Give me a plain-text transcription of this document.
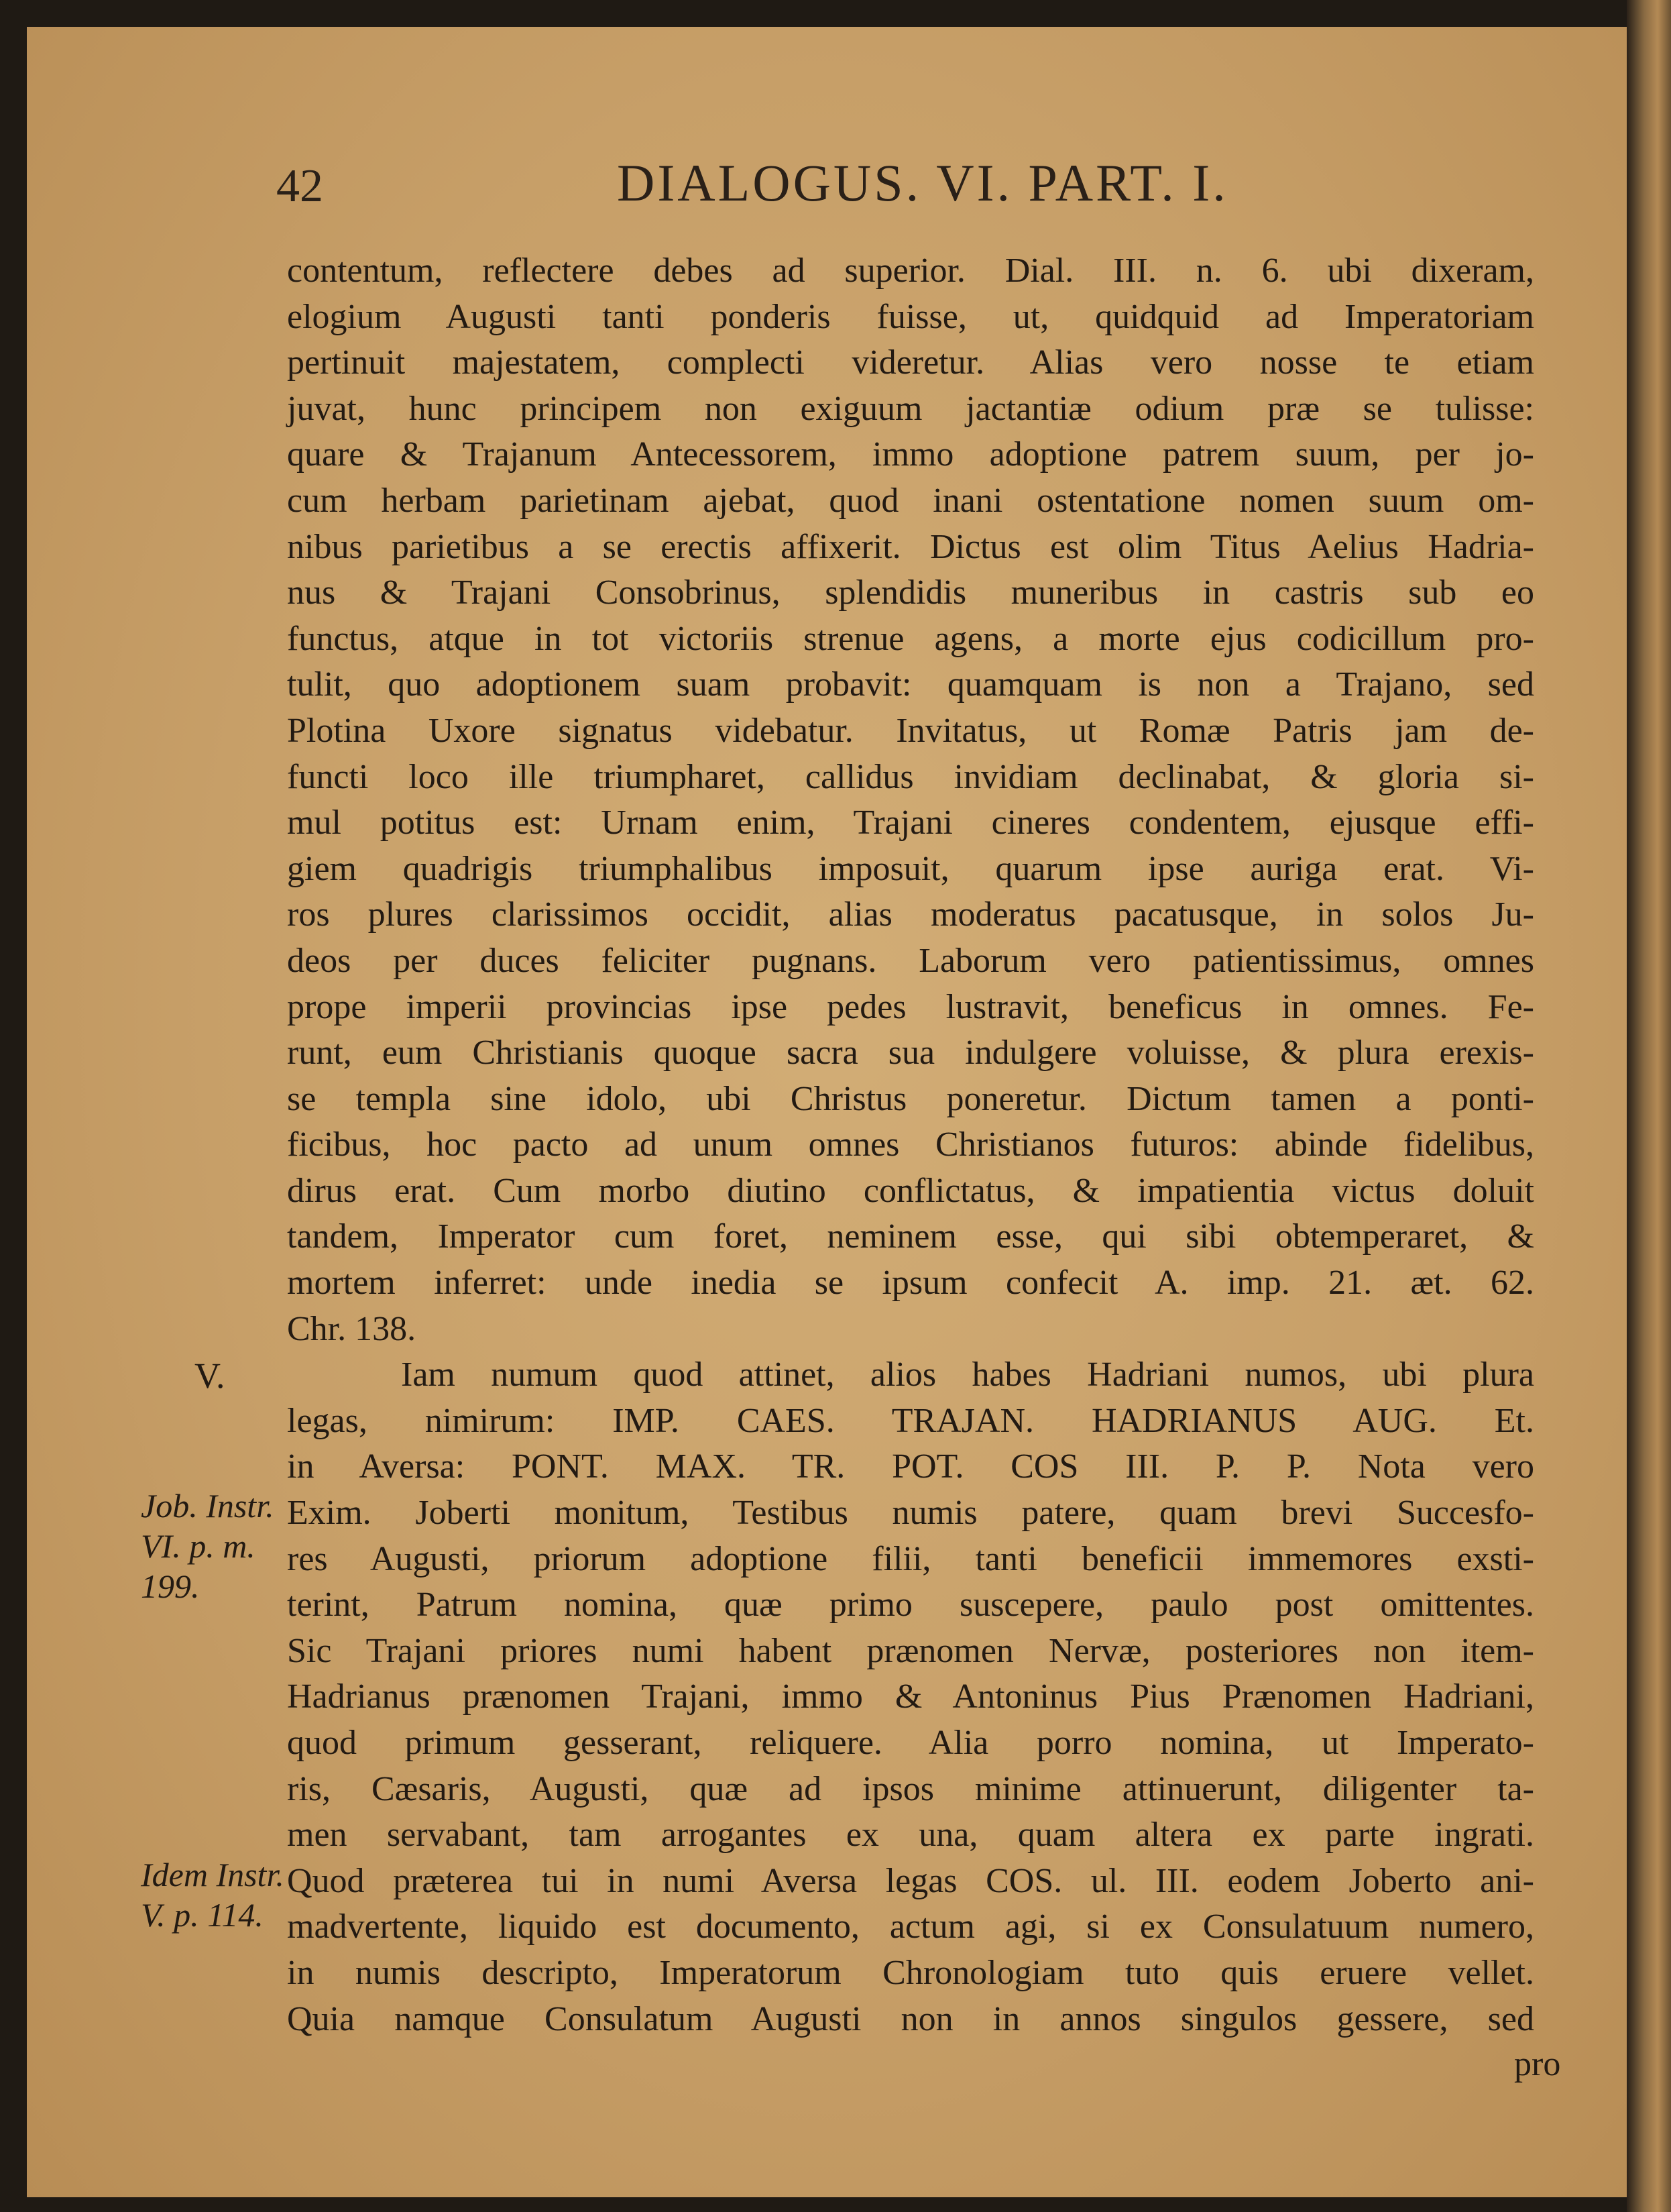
42	DIALOGUS. VI. PART. I.
V.
Job. Instr. VI. p. m. 199.
Idem Instr. V. p. 114.
contentum, reflectere debes ad superior. Dial. III. n. 6. ubi dixeram,
elogium Augusti tanti ponderis fuisse, ut, quidquid ad Imperatoriam
pertinuit majestatem, complecti videretur. Alias vero nosse te etiam
juvat, hunc principem non exiguum jactantiæ odium præ se tulisse:
quare & Trajanum Antecessorem, immo adoptione patrem suum, per jo-
cum herbam parietinam ajebat, quod inani ostentatione nomen suum om-
nibus parietibus a se erectis affixerit. Dictus est olim Titus Aelius Hadria-
nus & Trajani Consobrinus, splendidis muneribus in castris sub eo
functus, atque in tot victoriis strenue agens, a morte ejus codicillum pro-
tulit, quo adoptionem suam probavit: quamquam is non a Trajano, sed
Plotina Uxore signatus videbatur. Invitatus, ut Romæ Patris jam de-
functi loco ille triumpharet, callidus invidiam declinabat, & gloria si-
mul potitus est: Urnam enim, Trajani cineres condentem, ejusque effi-
giem quadrigis triumphalibus imposuit, quarum ipse auriga erat. Vi-
ros plures clarissimos occidit, alias moderatus pacatusque, in solos Ju-
deos per duces feliciter pugnans. Laborum vero patientissimus, omnes
prope imperii provincias ipse pedes lustravit, beneficus in omnes. Fe-
runt, eum Christianis quoque sacra sua indulgere voluisse, & plura erexis-
se templa sine idolo, ubi Christus poneretur. Dictum tamen a ponti-
ficibus, hoc pacto ad unum omnes Christianos futuros: abinde fidelibus,
dirus erat. Cum morbo diutino conflictatus, & impatientia victus doluit
tandem, Imperator cum foret, neminem esse, qui sibi obtemperaret, &
mortem inferret: unde inedia se ipsum confecit A. imp. 21. æt. 62.
Chr. 138.
Iam numum quod attinet, alios habes Hadriani numos, ubi plura
legas, nimirum: IMP. CAES. TRAJAN. HADRIANUS AUG. Et.
in Aversa: PONT. MAX. TR. POT. COS III. P. P. Nota vero
Exim. Joberti monitum, Testibus numis patere, quam brevi Succesfo-
res Augusti, priorum adoptione filii, tanti beneficii immemores exsti-
terint, Patrum nomina, quæ primo suscepere, paulo post omittentes.
Sic Trajani priores numi habent prænomen Nervæ, posteriores non item-
Hadrianus prænomen Trajani, immo & Antoninus Pius Prænomen Hadriani,
quod primum gesserant, reliquere. Alia porro nomina, ut Imperato-
ris, Cæsaris, Augusti, quæ ad ipsos minime attinuerunt, diligenter ta-
men servabant, tam arrogantes ex una, quam altera ex parte ingrati.
Quod præterea tui in numi Aversa legas COS. ul. III. eodem Joberto ani-
madvertente, liquido est documento, actum agi, si ex Consulatuum numero,
in numis descripto, Imperatorum Chronologiam tuto quis eruere vellet.
Quia namque Consulatum Augusti non in annos singulos gessere, sed
pro
